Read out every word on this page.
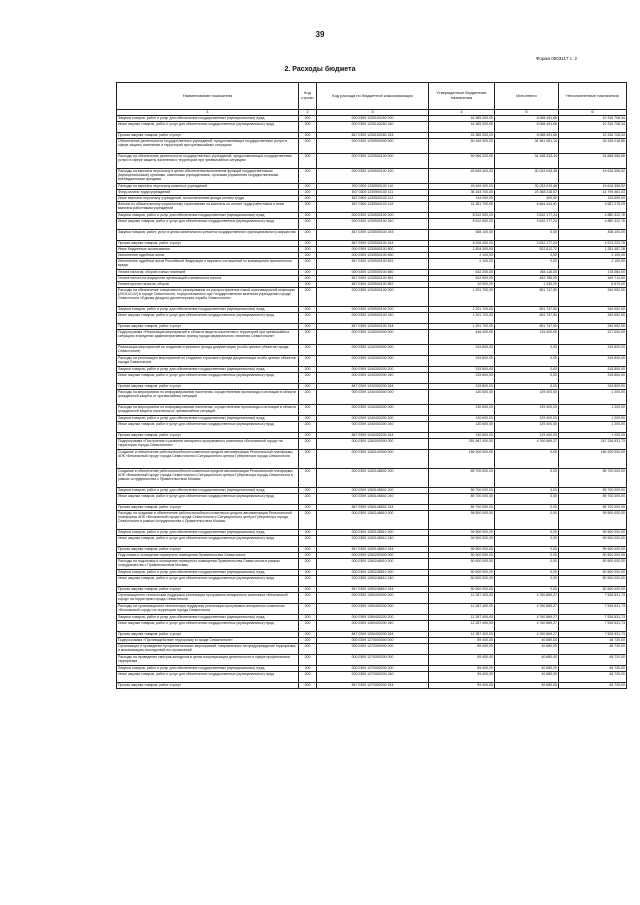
39
Форма 0503117 с. 2
2. Расходы бюджета
Наименование показателя	Код строки	Код расхода по бюджетной классификации	Утвержденные бюджетные назначения	Исполнено	Неисполненные назначения
1	2	3	4	5	6
Закупка товаров, работ и услуг для обеспечения государственных (муниципальных) нужд	200	000 0309 1230100260 200	16 385 200,00	6 068 491,66	10 316 708,34
Иные закупки товаров, работ и услуг для обеспечения государственных (муниципальных) нужд	200	000 0309 1230100260 240	16 385 200,00	6 068 491,66	10 316 708,34
Прочая закупка товаров, работ и услуг	200	847 0309 1230100260 244	16 385 200,00	6 068 491,66	10 316 708,34
Обеспечение деятельности государственных учреждений, предоставляющих государственные услуги в сфере защиты населения и территорий при чрезвычайных ситуациях	200	000 0309 1230500000 000	60 189 300,00	34 961 081,14	25 228 218,86
Расходы на обеспечение деятельности государственных учреждений, предоставляющих государственные услуги в сфере защиты населения и территорий при чрезвычайных ситуациях	200	000 0309 1230500100 000	59 966 200,00	34 188 233,44	24 668 966,56
Расходы на выплаты персоналу в целях обеспечения выполнения функций государственными (муниципальными) органами, казенными учреждениями, органами управления государственными внебюджетными фондами	200	000 0309 1230500100 100	49 649 400,00	30 033 043,48	19 616 356,52
Расходы на выплаты персоналу казенных учреждений	200	000 0309 1230500100 110	49 649 400,00	30 033 043,48	19 616 356,52
Фонд оплаты труда учреждений	200	847 0309 1230500100 111	38 163 700,00	23 368 218,57	14 795 481,43
Иные выплаты персоналу учреждений, за исключением фонда оплаты труда	200	847 0309 1230500100 112	134 000,00	400,00	133 600,00
Взносы по обязательному социальному страхованию на выплаты по оплате труда работников и иные выплаты работникам учреждений	200	847 0309 1230500100 119	11 351 700,00	6 664 424,91	4 687 275,09
Закупка товаров, работ и услуг для обеспечения государственных (муниципальных) нужд	200	000 0309 1230500100 200	8 512 500,00	3 632 177,24	4 880 322,76
Иные закупки товаров, работ и услуг для обеспечения государственных (муниципальных) нужд	200	000 0309 1230500100 240	8 512 500,00	3 632 177,24	4 880 322,76
Закупка товаров, работ, услуг в целях капитального ремонта государственного (муниципального) имущества	200	847 0309 1230500100 243	308 100,00	0,00	308 100,00
Прочая закупка товаров, работ и услуг	200	847 0309 1230500100 244	8 206 400,00	3 632 177,24	4 574 222,76
Иные бюджетные ассигнования	200	000 0309 1230500100 800	1 804 300,00	522 812,72	1 281 487,28
Исполнение судебных актов	200	000 0309 1230500100 830	2 100,00	0,00	2 100,00
Исполнение судебных актов Российской Федерации и мировых соглашений по возмещению причиненного вреда	200	847 0309 1230500100 831	2 100,00	0,00	2 100,00
Уплата налогов, сборов и иных платежей	200	000 0309 1230500100 850	632 200,00	454 116,00	178 084,00
Уплата налога на имущество организаций и земельного налога	200	847 0309 1230500100 851	622 500,00	452 786,00	169 714,00
Уплата прочих налогов, сборов	200	847 0309 1230500100 852	10 000,00	1 330,00	8 670,00
Расходы на обеспечение оперативного реагирования на распространение новой коронавирусной инфекции (2019-nCoV) в городе Севастополе, осуществляемого при Государственном казенном учреждении города Севастополя «Единая дежурно-диспетчерская служба Севастополя»	200	000 0309 1230500100 000	1 201 700,00	651 747,50	349 952,50
Закупка товаров, работ и услуг для обеспечения государственных (муниципальных) нужд	200	000 0309 1230500100 200	1 201 700,00	651 747,50	349 952,50
Иные закупки товаров, работ и услуг для обеспечения государственных (муниципальных) нужд	200	000 0309 1230500100 240	1 201 700,00	651 747,50	349 952,50
Прочая закупка товаров, работ и услуг	200	847 0309 1230500100 244	1 201 700,00	651 747,50	349 952,50
Подпрограмма «Реализация мероприятий в области защиты населения и территорий при чрезвычайных ситуациях в пределах административных границ города федерального значения Севастополя»	200	000 0309 1240000000 000	446 400,00	129 400,00	317 000,00
Реализация мероприятий по созданию страхового фонда документации (особо ценных объектов города Севастополя)	200	000 0309 1240300000 000	315 800,00	0,00	315 800,00
Расходы на реализацию мероприятий по созданию страхового фонда документации особо ценных объектов города Севастополя	200	000 0309 1240300200 000	315 800,00	0,00	315 800,00
Закупка товаров, работ и услуг для обеспечения государственных (муниципальных) нужд	200	000 0309 1240300200 200	315 800,00	0,00	315 800,00
Иные закупки товаров, работ и услуг для обеспечения государственных (муниципальных) нужд	200	000 0309 1240300200 240	315 800,00	0,00	315 800,00
Прочая закупка товаров, работ и услуг	200	847 0309 1240300200 244	315 800,00	0,00	315 800,00
Расходы на мероприятия по информированию населения, осуществлению пропаганды и агитации в области гражданской защиты от чрезвычайных ситуаций	200	000 0309 1240400000 000	130 600,00	129 400,00	1 200,00
Расходы на мероприятия по информированию населения, осуществлению пропаганды и агитации в области гражданской защиты населения от чрезвычайных ситуаций	200	000 0309 1240400200 000	130 600,00	129 400,00	1 200,00
Закупка товаров, работ и услуг для обеспечения государственных (муниципальных) нужд	200	000 0309 1240400200 200	130 600,00	129 400,00	1 200,00
Иные закупки товаров, работ и услуг для обеспечения государственных (муниципальных) нужд	200	000 0309 1240400200 240	130 600,00	129 400,00	1 200,00
Прочая закупка товаров, работ и услуг	200	847 0309 1240400200 244	130 600,00	129 400,00	1 200,00
Подпрограмма «Построение и развитие аппаратно-программного комплекса «Безопасный город» на территории города Севастополя»	200	000 0309 1260000000 000	251 987 400,00	4 760 869,27	247 226 531,73
Создание и обеспечение работоспособности комплекса средств автоматизации Региональной платформы АПК «Безопасный город» города Севастополя и Ситуационного центра Губернатора города Севастополя	200	000 0309 1260100000 000	189 200 000,00	0,00	189 200 000,00
Создание и обеспечение работоспособности комплекса средств автоматизации Региональной платформы АПК «Безопасный город» города Севастополя и Ситуационного центра Губернатора города Севастополя в рамках сотрудничества с Правительством Москвы	200	000 0309 1260148602 000	89 700 000,00	0,00	89 700 000,00
Закупка товаров, работ и услуг для обеспечения государственных (муниципальных) нужд	200	000 0309 1260148602 200	89 700 000,00	0,00	89 700 000,00
Иные закупки товаров, работ и услуг для обеспечения государственных (муниципальных) нужд	200	000 0309 1260148602 240	89 700 000,00	0,00	89 700 000,00
Прочая закупка товаров, работ и услуг	200	847 0309 1260148602 244	89 700 000,00	0,00	89 700 000,00
Расходы на создание и обеспечение работоспособности комплекса средств автоматизации Региональной платформы АПК «Безопасный город» города Севастополя и Ситуационного центра Губернатора города Севастополя в рамках сотрудничества с Правительством Москвы	200	000 0309 1260148610 000	99 500 000,00	0,00	99 500 000,00
Закупка товаров, работ и услуг для обеспечения государственных (муниципальных) нужд	200	000 0309 1260148610 200	99 500 000,00	0,00	99 500 000,00
Иные закупки товаров, работ и услуг для обеспечения государственных (муниципальных) нужд	200	000 0309 1260148610 240	99 500 000,00	0,00	99 500 000,00
Прочая закупка товаров, работ и услуг	200	847 0309 1260148610 244	99 500 000,00	0,00	99 500 000,00
Подготовка и оснащение серверного помещения Правительства Севастополя	200	000 0309 1260200000 000	50 500 000,00	0,00	50 500 000,00
Расходы на подготовку и оснащение серверного помещения Правительства Севастополя в рамках сотрудничества с Правительством Москвы	200	000 0309 1260248610 000	50 500 000,00	0,00	50 500 000,00
Закупка товаров, работ и услуг для обеспечения государственных (муниципальных) нужд	200	000 0309 1260248610 200	50 500 000,00	0,00	50 500 000,00
Иные закупки товаров, работ и услуг для обеспечения государственных (муниципальных) нужд	200	000 0309 1260248610 240	50 500 000,00	0,00	50 500 000,00
Прочая закупка товаров, работ и услуг	200	847 0309 1260248610 244	50 500 000,00	0,00	50 500 000,00
Организационно-техническая поддержка реализации программно-аппаратного комплекса «Безопасный город» на территории города Севастополя	200	000 0309 1260400000 000	12 287 400,00	4 760 869,27	7 526 531,73
Расходы на организационно-техническую поддержку реализации программно-аппаратного комплекса «Безопасный город» на территории города Севастополя	200	000 0309 1260400200 000	12 287 400,00	4 760 869,27	7 526 531,73
Закупка товаров, работ и услуг для обеспечения государственных (муниципальных) нужд	200	000 0309 1260400200 200	12 287 400,00	4 760 869,27	7 526 531,73
Иные закупки товаров, работ и услуг для обеспечения государственных (муниципальных) нужд	200	000 0309 1260400200 240	12 287 400,00	4 760 869,27	7 526 531,73
Прочая закупка товаров, работ и услуг	200	847 0309 1260400200 244	12 287 400,00	4 760 869,27	7 526 531,73
Подпрограмма «Противодействие терроризму в городе Севастополе»	200	000 0309 1270000000 000	89 400,00	40 680,00	48 720,00
Организация и проведение профилактических мероприятий, направленных на предупреждение терроризма, и минимизацию последствий его проявлений	200	000 0309 1270300000 000	89 400,00	40 680,00	48 720,00
Расходы на проведение смотров-конкурсов в целях популяризации деятельности в сфере профилактики терроризма	200	000 0309 1270300200 000	89 400,00	40 680,00	48 720,00
Закупка товаров, работ и услуг для обеспечения государственных (муниципальных) нужд	200	000 0309 1270300200 200	89 400,00	40 680,00	48 720,00
Иные закупки товаров, работ и услуг для обеспечения государственных (муниципальных) нужд	200	000 0309 1270300200 240	89 400,00	40 680,00	48 720,00
Прочая закупка товаров, работ и услуг	200	847 0309 1270300200 244	89 400,00	40 680,00	48 720,00
